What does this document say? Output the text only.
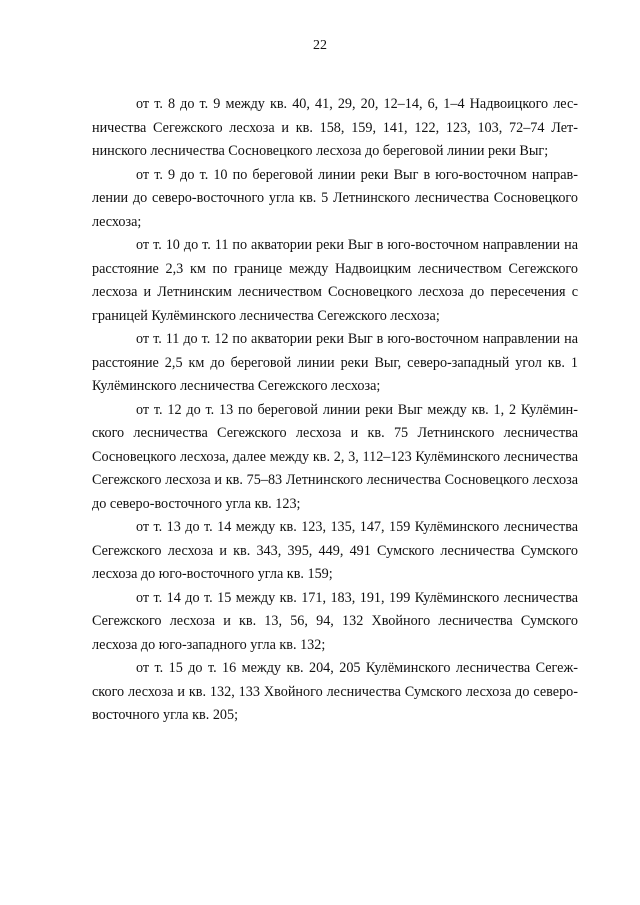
22

от т. 8 до т. 9 между кв. 40, 41, 29, 20, 12–14, 6, 1–4 Надвоицкого лесничества Сегежского лесхоза и кв. 158, 159, 141, 122, 123, 103, 72–74 Летнинского лесничества Сосновецкого лесхоза до береговой линии реки Выг;

от т. 9 до т. 10 по береговой линии реки Выг в юго-восточном направлении до северо-восточного угла кв. 5 Летнинского лесничества Сосновецкого лесхоза;

от т. 10 до т. 11 по акватории реки Выг в юго-восточном направлении на расстояние 2,3 км по границе между Надвоицким лесничеством Сегежского лесхоза и Летнинским лесничеством Сосновецкого лесхоза до пересечения с границей Кулёминского лесничества Сегежского лесхоза;

от т. 11 до т. 12 по акватории реки Выг в юго-восточном направлении на расстояние 2,5 км до береговой линии реки Выг, северо-западный угол кв. 1 Кулёминского лесничества Сегежского лесхоза;

от т. 12 до т. 13 по береговой линии реки Выг между кв. 1, 2 Кулёминского лесничества Сегежского лесхоза и кв. 75 Летнинского лесничества Сосновецкого лесхоза, далее между кв. 2, 3, 112–123 Кулёминского лесничества Сегежского лесхоза и кв. 75–83 Летнинского лесничества Сосновецкого лесхоза до северо-восточного угла кв. 123;

от т. 13 до т. 14 между кв. 123, 135, 147, 159 Кулёминского лесничества Сегежского лесхоза и кв. 343, 395, 449, 491 Сумского лесничества Сумского лесхоза до юго-восточного угла кв. 159;

от т. 14 до т. 15 между кв. 171, 183, 191, 199 Кулёминского лесничества Сегежского лесхоза и кв. 13, 56, 94, 132 Хвойного лесничества Сумского лесхоза до юго-западного угла кв. 132;

от т. 15 до т. 16 между кв. 204, 205 Кулёминского лесничества Сегежского лесхоза и кв. 132, 133 Хвойного лесничества Сумского лесхоза до северо-восточного угла кв. 205;
